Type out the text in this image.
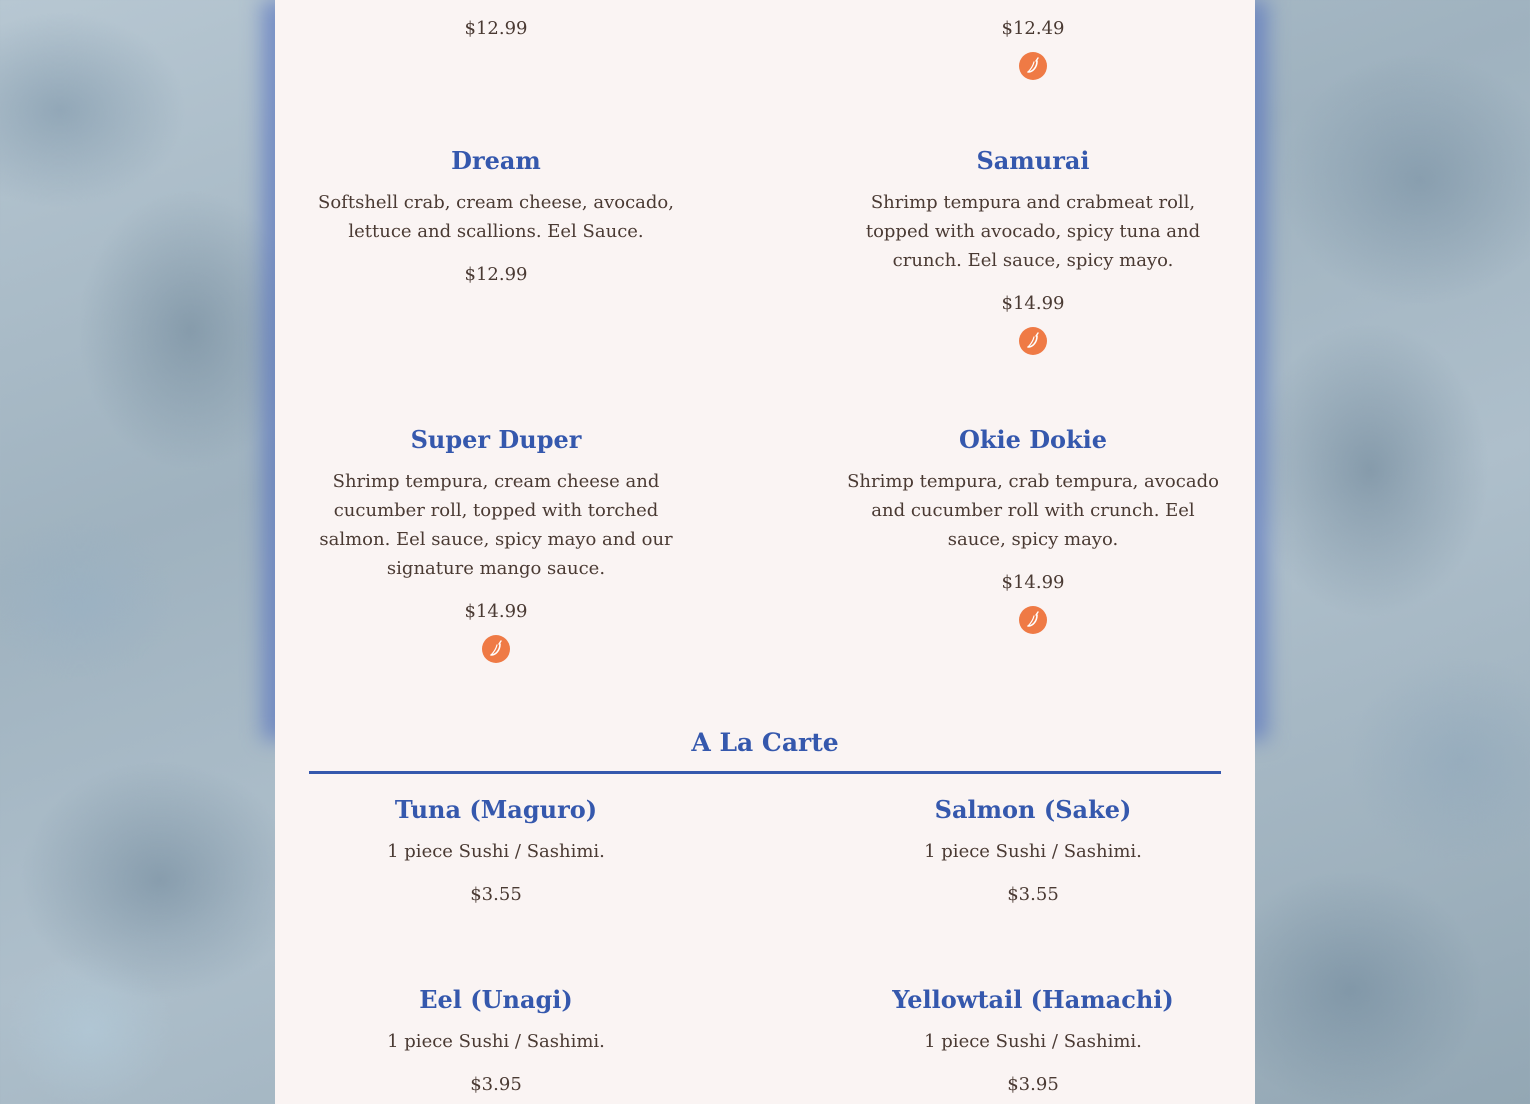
$12.99	$12.49
Dream
Softshell crab, cream cheese, avocado, lettuce and scallions. Eel Sauce.
$12.99
Samurai
Shrimp tempura and crabmeat roll, topped with avocado, spicy tuna and crunch. Eel sauce, spicy mayo.
$14.99
Super Duper
Shrimp tempura, cream cheese and cucumber roll, topped with torched salmon. Eel sauce, spicy mayo and our signature mango sauce.
$14.99
Okie Dokie
Shrimp tempura, crab tempura, avocado and cucumber roll with crunch. Eel sauce, spicy mayo.
$14.99
A La Carte
Tuna (Maguro)
1 piece Sushi / Sashimi.
$3.55
Salmon (Sake)
1 piece Sushi / Sashimi.
$3.55
Eel (Unagi)
1 piece Sushi / Sashimi.
$3.95
Yellowtail (Hamachi)
1 piece Sushi / Sashimi.
$3.95
